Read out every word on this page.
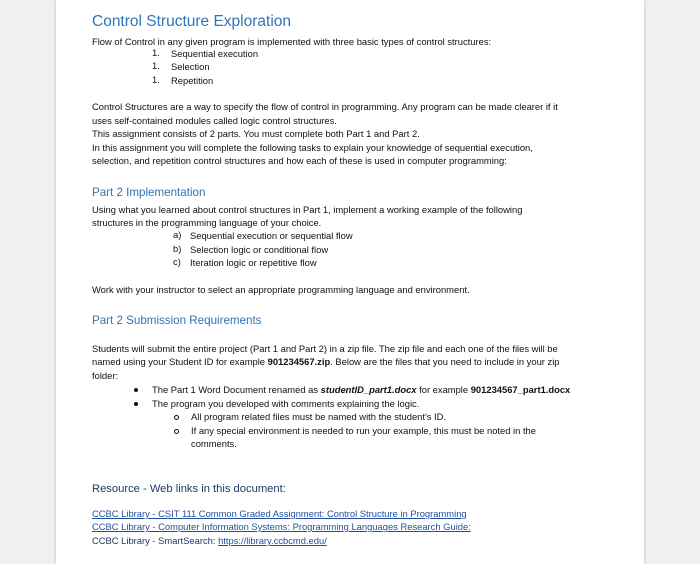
Control Structure Exploration
Flow of Control in any given program is implemented with three basic types of control structures:
1. Sequential execution
1. Selection
1. Repetition
Control Structures are a way to specify the flow of control in programming. Any program can be made clearer if it
uses self-contained modules called logic control structures.
This assignment consists of 2 parts. You must complete both Part 1 and Part 2.
In this assignment you will complete the following tasks to explain your knowledge of sequential execution,
selection, and repetition control structures and how each of these is used in computer programming:
Part 2 Implementation
Using what you learned about control structures in Part 1, implement a working example of the following
structures in the programming language of your choice.
a) Sequential execution or sequential flow
b) Selection logic or conditional flow
c) Iteration logic or repetitive flow
Work with your instructor to select an appropriate programming language and environment.
Part 2 Submission Requirements
Students will submit the entire project (Part 1 and Part 2) in a zip file. The zip file and each one of the files will be
named using your Student ID for example 901234567.zip. Below are the files that you need to include in your zip
folder:
The Part 1 Word Document renamed as studentID_part1.docx for example 901234567_part1.docx
The program you developed with comments explaining the logic.
All program related files must be named with the student's ID.
If any special environment is needed to run your example, this must be noted in the
comments.
Resource - Web links in this document:
CCBC Library - CSIT 111 Common Graded Assignment: Control Structure in Programming
CCBC Library - Computer Information Systems: Programming Languages Research Guide:
CCBC Library - SmartSearch: https://library.ccbcmd.edu/
